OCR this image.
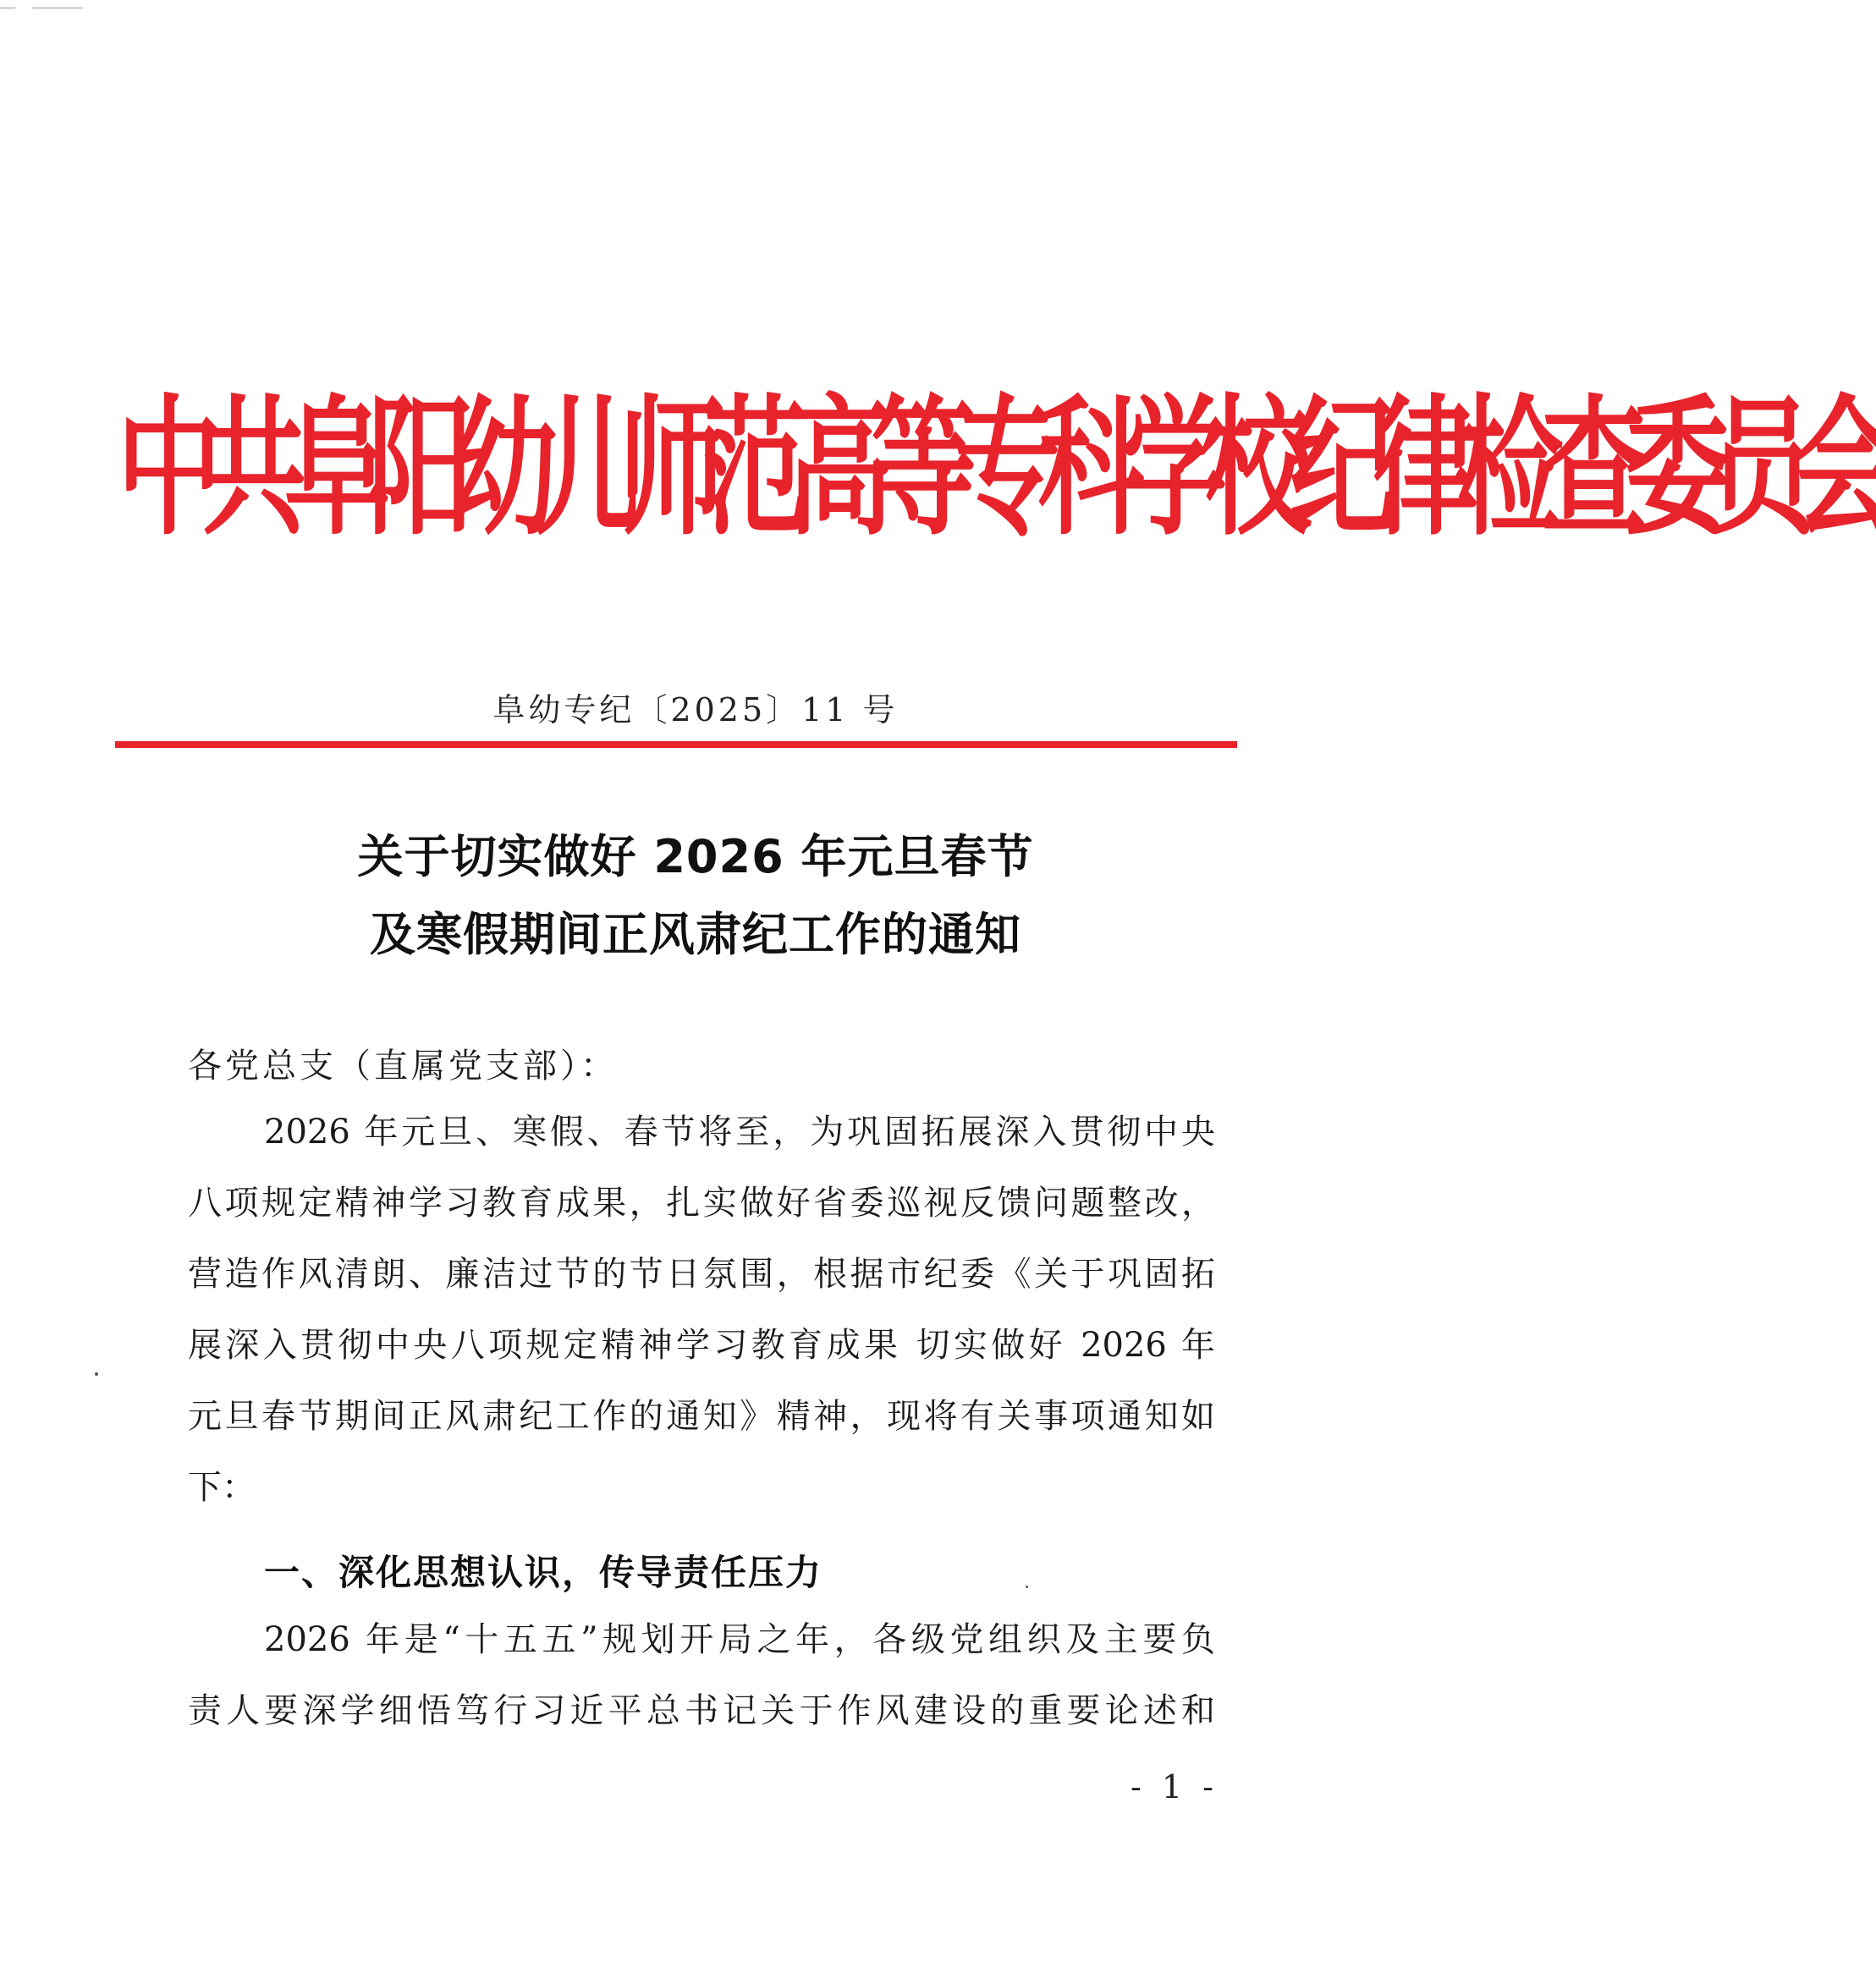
中共阜阳幼儿师范高等专科学校纪律检查委员会
阜幼专纪〔2025〕11 号
关于切实做好 2026 年元旦春节
及寒假期间正风肃纪工作的通知
各党总支（直属党支部）：
2026 年元旦、寒假、春节将至，为巩固拓展深入贯彻中央
八项规定精神学习教育成果，扎实做好省委巡视反馈问题整改，
营造作风清朗、廉洁过节的节日氛围，根据市纪委《关于巩固拓
展深入贯彻中央八项规定精神学习教育成果 切实做好 2026 年
元旦春节期间正风肃纪工作的通知》精神，现将有关事项通知如
下：
一、深化思想认识，传导责任压力
2026 年是“十五五”规划开局之年，各级党组织及主要负
责人要深学细悟笃行习近平总书记关于作风建设的重要论述和
- 1 -
